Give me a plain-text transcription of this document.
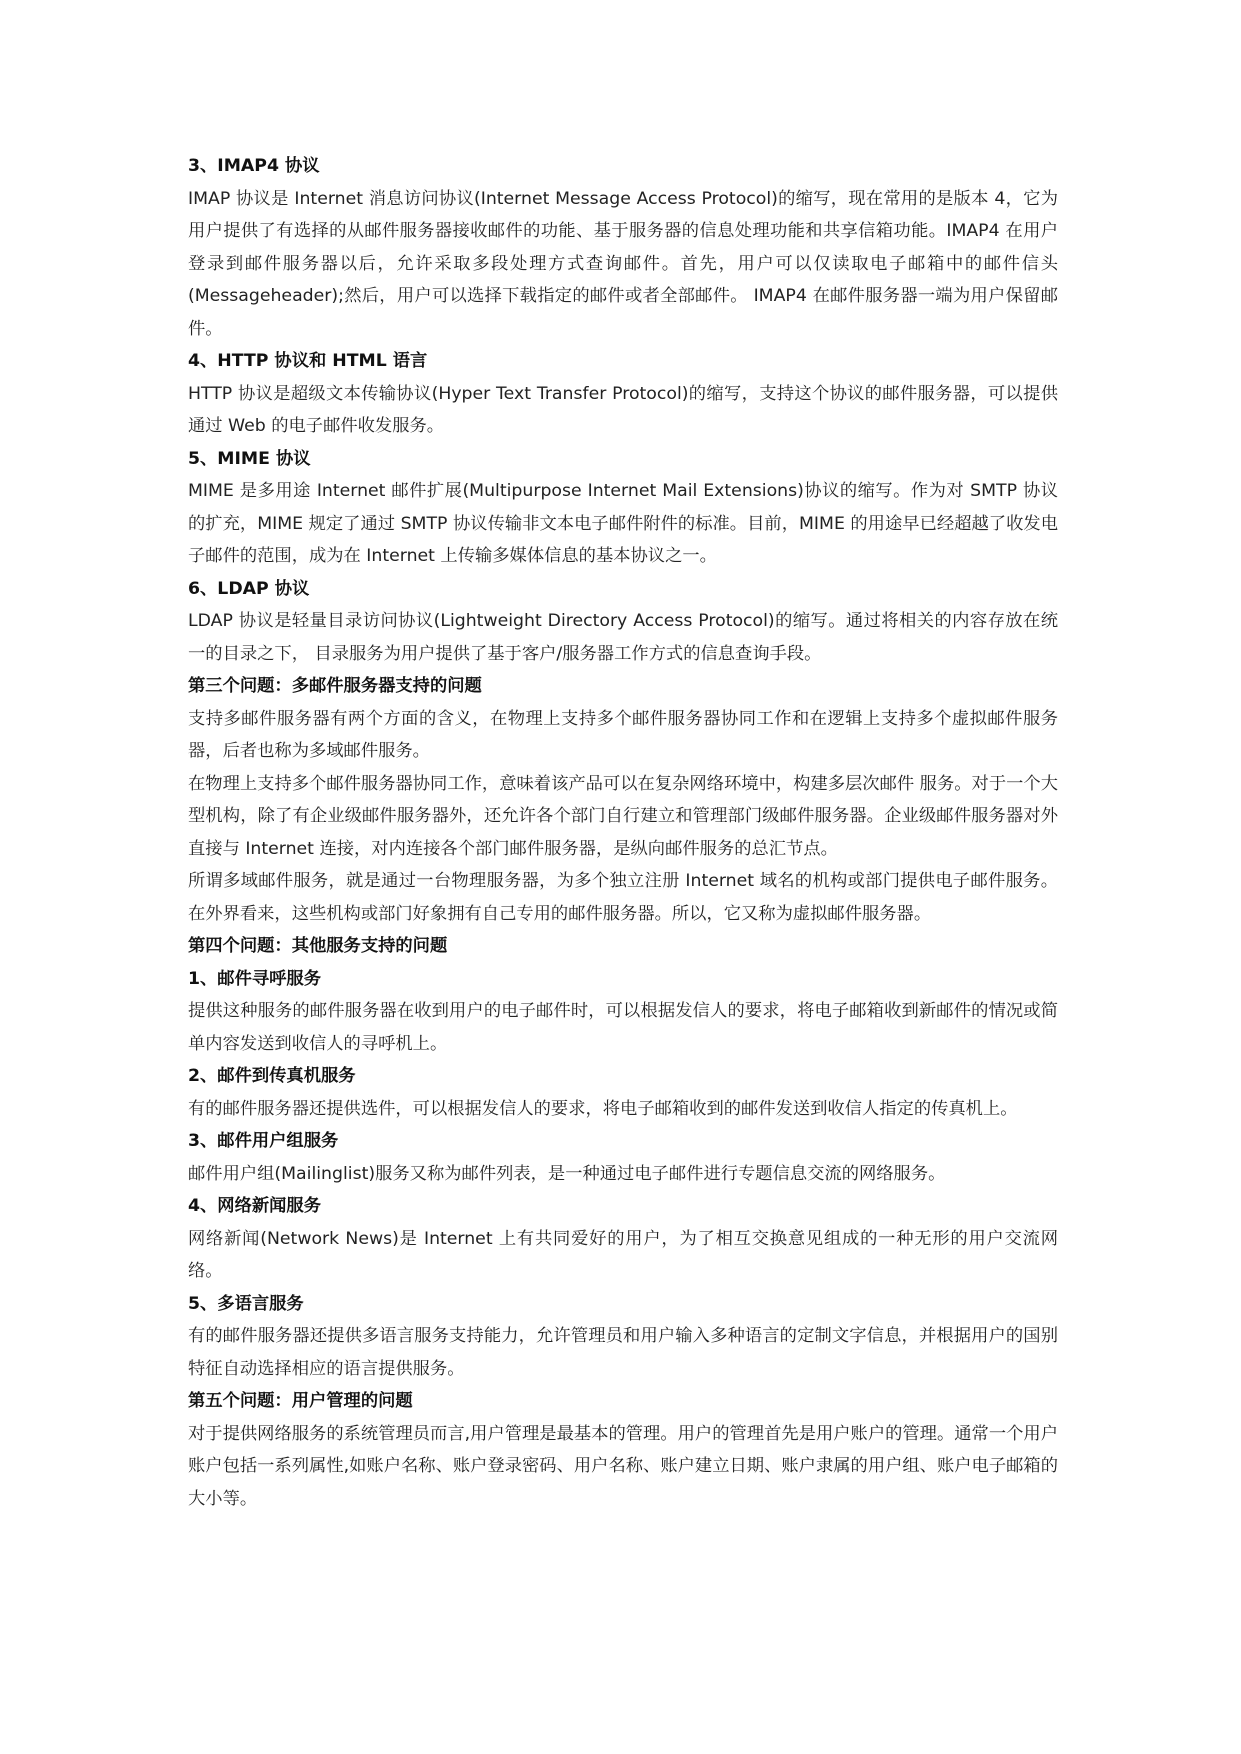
3、IMAP4 协议

IMAP 协议是 Internet 消息访问协议(Internet Message Access Protocol)的缩写，现在常用的是版本 4，它为用户提供了有选择的从邮件服务器接收邮件的功能、基于服务器的信息处理功能和共享信箱功能。IMAP4 在用户登录到邮件服务器以后，允许采取多段处理方式查询邮件。首先，用户可以仅读取电子邮箱中的邮件信头(Messageheader);然后，用户可以选择下载指定的邮件或者全部邮件。 IMAP4 在邮件服务器一端为用户保留邮件。

4、HTTP 协议和 HTML 语言

HTTP 协议是超级文本传输协议(Hyper Text Transfer Protocol)的缩写，支持这个协议的邮件服务器，可以提供通过 Web 的电子邮件收发服务。

5、MIME 协议

MIME 是多用途 Internet 邮件扩展(Multipurpose Internet Mail Extensions)协议的缩写。作为对 SMTP 协议的扩充，MIME 规定了通过 SMTP 协议传输非文本电子邮件附件的标准。目前，MIME 的用途早已经超越了收发电子邮件的范围，成为在 Internet 上传输多媒体信息的基本协议之一。

6、LDAP 协议

LDAP 协议是轻量目录访问协议(Lightweight Directory Access Protocol)的缩写。通过将相关的内容存放在统一的目录之下， 目录服务为用户提供了基于客户/服务器工作方式的信息查询手段。

第三个问题：多邮件服务器支持的问题

支持多邮件服务器有两个方面的含义，在物理上支持多个邮件服务器协同工作和在逻辑上支持多个虚拟邮件服务器，后者也称为多域邮件服务。

在物理上支持多个邮件服务器协同工作，意味着该产品可以在复杂网络环境中，构建多层次邮件 服务。对于一个大型机构，除了有企业级邮件服务器外，还允许各个部门自行建立和管理部门级邮件服务器。企业级邮件服务器对外直接与 Internet 连接，对内连接各个部门邮件服务器，是纵向邮件服务的总汇节点。

所谓多域邮件服务，就是通过一台物理服务器，为多个独立注册 Internet 域名的机构或部门提供电子邮件服务。在外界看来，这些机构或部门好象拥有自己专用的邮件服务器。所以，它又称为虚拟邮件服务器。

第四个问题：其他服务支持的问题

1、邮件寻呼服务

提供这种服务的邮件服务器在收到用户的电子邮件时，可以根据发信人的要求，将电子邮箱收到新邮件的情况或简单内容发送到收信人的寻呼机上。

2、邮件到传真机服务

有的邮件服务器还提供选件，可以根据发信人的要求，将电子邮箱收到的邮件发送到收信人指定的传真机上。

3、邮件用户组服务

邮件用户组(Mailinglist)服务又称为邮件列表，是一种通过电子邮件进行专题信息交流的网络服务。

4、网络新闻服务

网络新闻(Network News)是 Internet 上有共同爱好的用户，为了相互交换意见组成的一种无形的用户交流网络。

5、多语言服务

有的邮件服务器还提供多语言服务支持能力，允许管理员和用户输入多种语言的定制文字信息，并根据用户的国别特征自动选择相应的语言提供服务。

第五个问题：用户管理的问题

对于提供网络服务的系统管理员而言,用户管理是最基本的管理。用户的管理首先是用户账户的管理。通常一个用户账户包括一系列属性,如账户名称、账户登录密码、用户名称、账户建立日期、账户隶属的用户组、账户电子邮箱的大小等。
